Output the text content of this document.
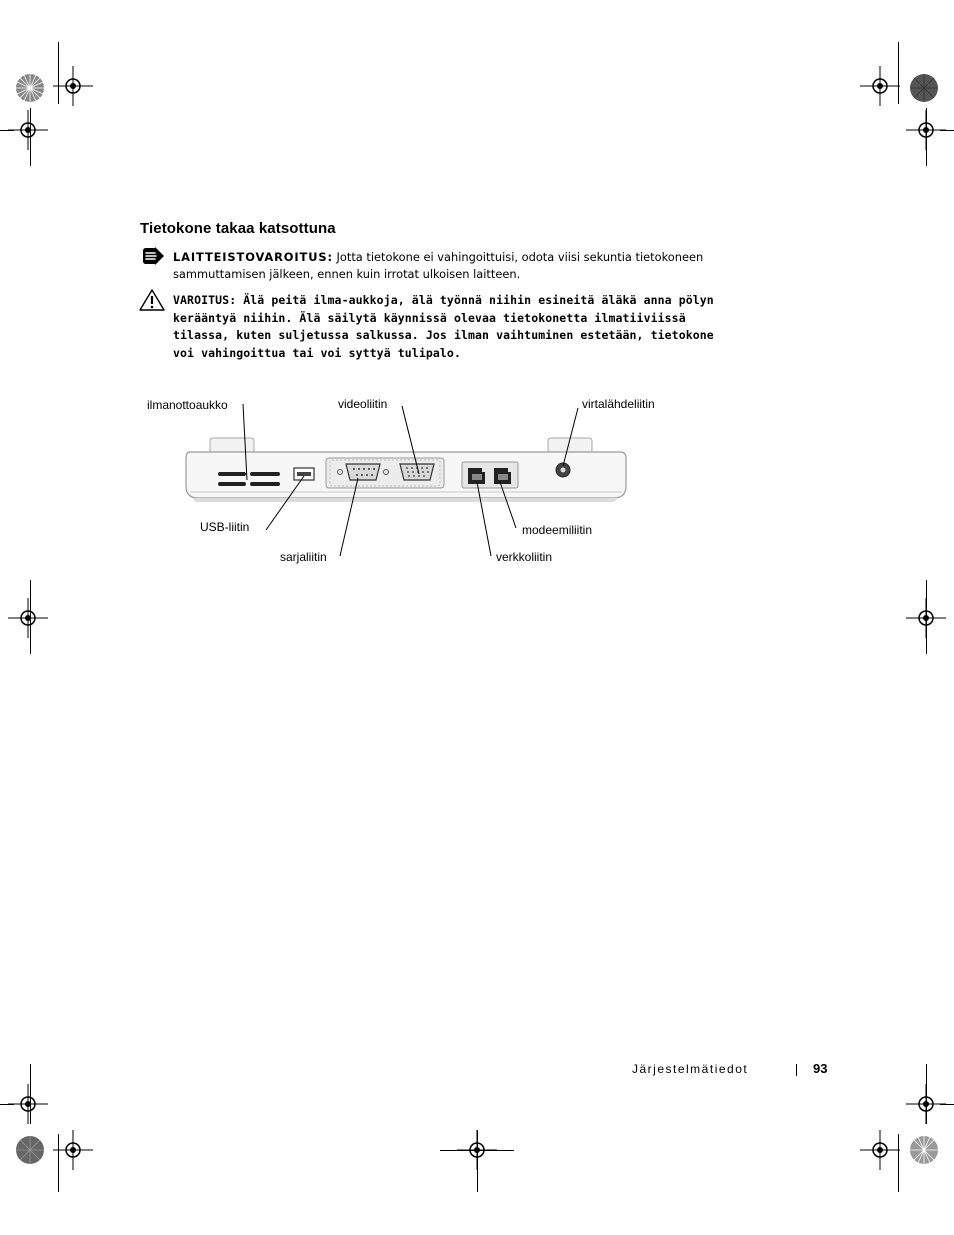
Tietokone takaa katsottuna
LAITTEISTOVAROITUS: Jotta tietokone ei vahingoittuisi, odota viisi sekuntia tietokoneen sammuttamisen jälkeen, ennen kuin irrotat ulkoisen laitteen.
VAROITUS: Älä peitä ilma-aukkoja, älä työnnä niihin esineitä äläkä anna pölyn kerääntyä niihin. Älä säilytä käynnissä olevaa tietokonetta ilmatiiviissä tilassa, kuten suljetussa salkussa. Jos ilman vaihtuminen estetään, tietokone voi vahingoittua tai voi syttyä tulipalo.
ilmanottoaukko	videoliitin	virtalähdeliitin
USB-liitin	modeemiliitin
sarjaliitin	verkkoliitin
Järjestelmätiedot	93
